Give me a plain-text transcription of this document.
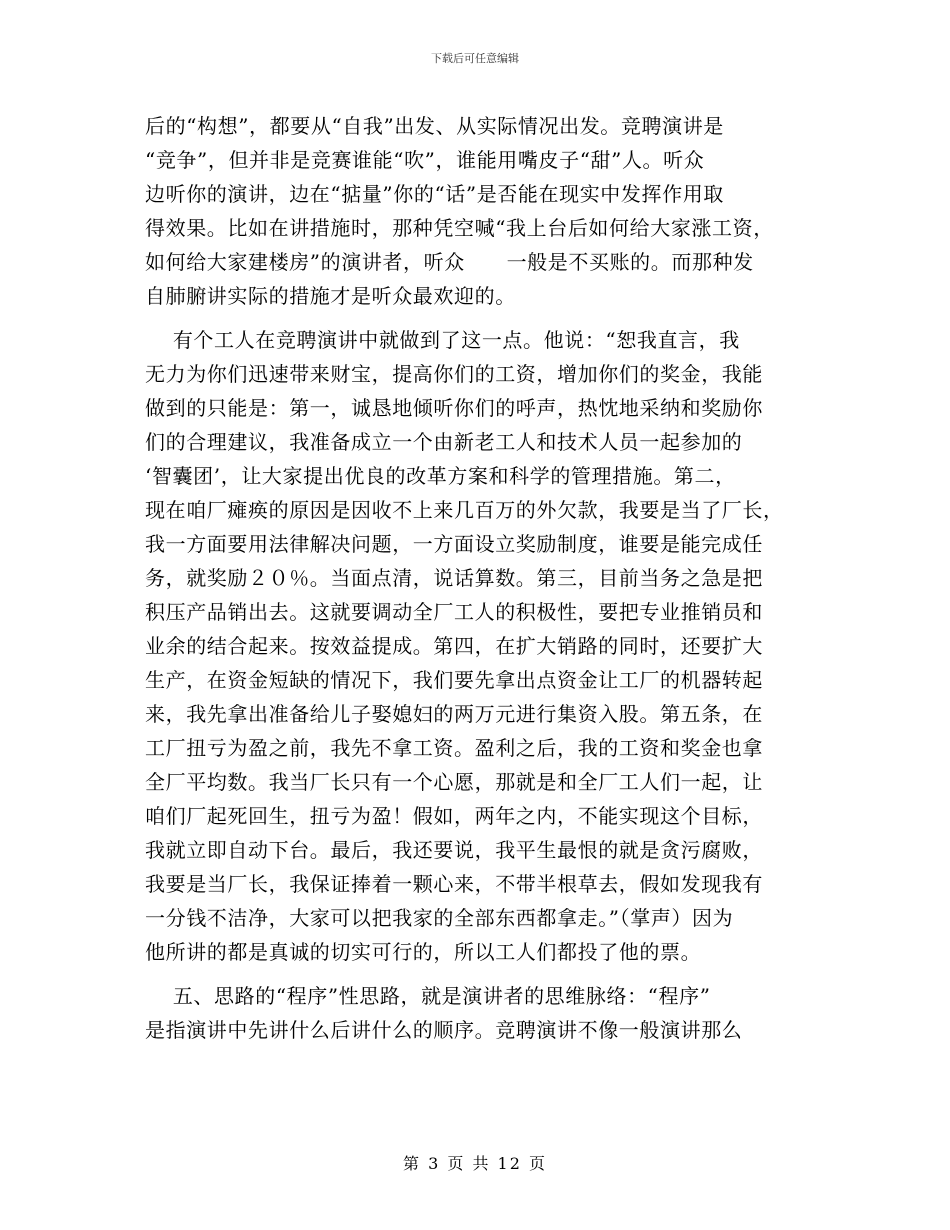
下载后可任意编辑
后的“构想”，都要从“自我”出发、从实际情况出发。竞聘演讲是
“竞争”，但并非是竞赛谁能“吹”，谁能用嘴皮子“甜”人。听众
边听你的演讲，边在“掂量”你的“话”是否能在现实中发挥作用取
得效果。比如在讲措施时，那种凭空喊“我上台后如何给大家涨工资，
如何给大家建楼房”的演讲者，听众      一般是不买账的。而那种发
自肺腑讲实际的措施才是听众最欢迎的。
有个工人在竞聘演讲中就做到了这一点。他说：“恕我直言，我
无力为你们迅速带来财宝，提高你们的工资，增加你们的奖金，我能
做到的只能是：第一，诚恳地倾听你们的呼声，热忱地采纳和奖励你
们的合理建议，我准备成立一个由新老工人和技术人员一起参加的
‘智囊团’，让大家提出优良的改革方案和科学的管理措施。第二，
现在咱厂瘫痪的原因是因收不上来几百万的外欠款，我要是当了厂长，
我一方面要用法律解决问题，一方面设立奖励制度，谁要是能完成任
务，就奖励２０％。当面点清，说话算数。第三，目前当务之急是把
积压产品销出去。这就要调动全厂工人的积极性，要把专业推销员和
业余的结合起来。按效益提成。第四，在扩大销路的同时，还要扩大
生产，在资金短缺的情况下，我们要先拿出点资金让工厂的机器转起
来，我先拿出准备给儿子娶媳妇的两万元进行集资入股。第五条，在
工厂扭亏为盈之前，我先不拿工资。盈利之后，我的工资和奖金也拿
全厂平均数。我当厂长只有一个心愿，那就是和全厂工人们一起，让
咱们厂起死回生，扭亏为盈！假如，两年之内，不能实现这个目标，
我就立即自动下台。最后，我还要说，我平生最恨的就是贪污腐败，
我要是当厂长，我保证捧着一颗心来，不带半根草去，假如发现我有
一分钱不洁净，大家可以把我家的全部东西都拿走。”（掌声）因为
他所讲的都是真诚的切实可行的，所以工人们都投了他的票。
五、思路的“程序”性思路，就是演讲者的思维脉络：“程序”
是指演讲中先讲什么后讲什么的顺序。竞聘演讲不像一般演讲那么
第 3 页 共 12 页
